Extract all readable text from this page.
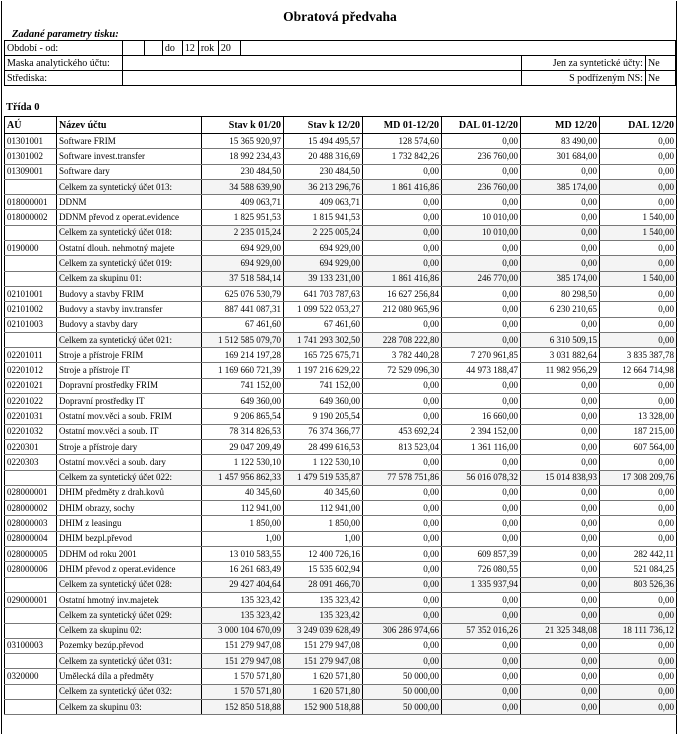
Obratová předvaha
Zadané parametry tisku:
Období - od:			do	12	rok	20			
Maska analytického účtu:								Jen za syntetické účty:	Ne
Střediska:								S podřízeným NS:	Ne
Třída 0
AÚ	Název účtu	Stav k 01/20	Stav k 12/20	MD 01-12/20	DAL 01-12/20	MD 12/20	DAL 12/20
01301001	Software FRIM	15 365 920,97	15 494 495,57	128 574,60	0,00	83 490,00	0,00
01301002	Software invest.transfer	18 992 234,43	20 488 316,69	1 732 842,26	236 760,00	301 684,00	0,00
01309001	Software dary	230 484,50	230 484,50	0,00	0,00	0,00	0,00
	Celkem za syntetický účet 013:	34 588 639,90	36 213 296,76	1 861 416,86	236 760,00	385 174,00	0,00
018000001	DDNM	409 063,71	409 063,71	0,00	0,00	0,00	0,00
018000002	DDNM převod z operat.evidence	1 825 951,53	1 815 941,53	0,00	10 010,00	0,00	1 540,00
	Celkem za syntetický účet 018:	2 235 015,24	2 225 005,24	0,00	10 010,00	0,00	1 540,00
0190000	Ostatní dlouh. nehmotný majete	694 929,00	694 929,00	0,00	0,00	0,00	0,00
	Celkem za syntetický účet 019:	694 929,00	694 929,00	0,00	0,00	0,00	0,00
	Celkem za skupinu 01:	37 518 584,14	39 133 231,00	1 861 416,86	246 770,00	385 174,00	1 540,00
02101001	Budovy a stavby FRIM	625 076 530,79	641 703 787,63	16 627 256,84	0,00	80 298,50	0,00
02101002	Budovy a stavby inv.transfer	887 441 087,31	1 099 522 053,27	212 080 965,96	0,00	6 230 210,65	0,00
02101003	Budovy a stavby dary	67 461,60	67 461,60	0,00	0,00	0,00	0,00
	Celkem za syntetický účet 021:	1 512 585 079,70	1 741 293 302,50	228 708 222,80	0,00	6 310 509,15	0,00
02201011	Stroje a přístroje FRIM	169 214 197,28	165 725 675,71	3 782 440,28	7 270 961,85	3 031 882,64	3 835 387,78
02201012	Stroje a přístroje IT	1 169 660 721,39	1 197 216 629,22	72 529 096,30	44 973 188,47	11 982 956,29	12 664 714,98
02201021	Dopravní prostředky FRIM	741 152,00	741 152,00	0,00	0,00	0,00	0,00
02201022	Dopravní prostředky IT	649 360,00	649 360,00	0,00	0,00	0,00	0,00
02201031	Ostatní mov.věci a soub. FRIM	9 206 865,54	9 190 205,54	0,00	16 660,00	0,00	13 328,00
02201032	Ostatní mov.věci a soub. IT	78 314 826,53	76 374 366,77	453 692,24	2 394 152,00	0,00	187 215,00
0220301	Stroje a přístroje dary	29 047 209,49	28 499 616,53	813 523,04	1 361 116,00	0,00	607 564,00
0220303	Ostatní mov.věci a soub. dary	1 122 530,10	1 122 530,10	0,00	0,00	0,00	0,00
	Celkem za syntetický účet 022:	1 457 956 862,33	1 479 519 535,87	77 578 751,86	56 016 078,32	15 014 838,93	17 308 209,76
028000001	DHIM předměty z drah.kovů	40 345,60	40 345,60	0,00	0,00	0,00	0,00
028000002	DHIM obrazy, sochy	112 941,00	112 941,00	0,00	0,00	0,00	0,00
028000003	DHIM z leasingu	1 850,00	1 850,00	0,00	0,00	0,00	0,00
028000004	DHIM bezpl.převod	1,00	1,00	0,00	0,00	0,00	0,00
028000005	DDHM od roku 2001	13 010 583,55	12 400 726,16	0,00	609 857,39	0,00	282 442,11
028000006	DHIM převod z operat.evidence	16 261 683,49	15 535 602,94	0,00	726 080,55	0,00	521 084,25
	Celkem za syntetický účet 028:	29 427 404,64	28 091 466,70	0,00	1 335 937,94	0,00	803 526,36
029000001	Ostatní hmotný inv.majetek	135 323,42	135 323,42	0,00	0,00	0,00	0,00
	Celkem za syntetický účet 029:	135 323,42	135 323,42	0,00	0,00	0,00	0,00
	Celkem za skupinu 02:	3 000 104 670,09	3 249 039 628,49	306 286 974,66	57 352 016,26	21 325 348,08	18 111 736,12
03100003	Pozemky bezúp.převod	151 279 947,08	151 279 947,08	0,00	0,00	0,00	0,00
	Celkem za syntetický účet 031:	151 279 947,08	151 279 947,08	0,00	0,00	0,00	0,00
0320000	Umělecká díla a předměty	1 570 571,80	1 620 571,80	50 000,00	0,00	0,00	0,00
	Celkem za syntetický účet 032:	1 570 571,80	1 620 571,80	50 000,00	0,00	0,00	0,00
	Celkem za skupinu 03:	152 850 518,88	152 900 518,88	50 000,00	0,00	0,00	0,00
